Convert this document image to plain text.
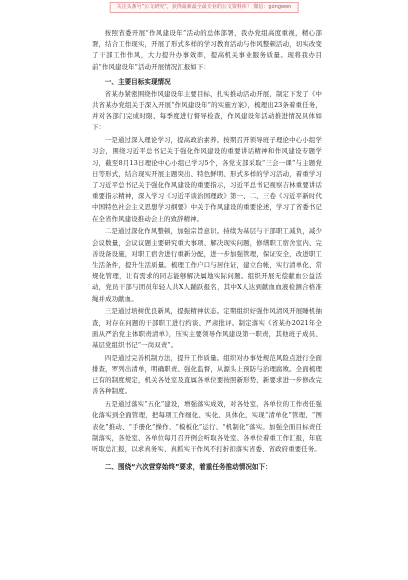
关注头条号“公文研究”，获得最新最全最专业的公文资料库！ 微信：gongwen

按照省委开展“作风建设年”活动的总体部署，我办党组高度重视，精心部署，结合工作现实，开展了形式多样的学习教育活动与作风整顿活动，切实改变了干部工作作风，大力提升办事效率，提高机关事业服务质量。现将我办目前“作风建设年”活动开展情况汇报如下：

一、主要目标实现情况

省某办紧密围绕作风建设年主要目标，扎实推动活动开展，制定下发了《中共省某办党组关于深入开展“作风建设年”的实施方案》，梳理出23条着重任务，并对各部门完成时限、每季度进行督导检查，作风建设年活动推进情况具体如下：

一是通过深入理论学习，提高政治素养。按期召开领导班子理论中心小组学习会，围绕习近平总书记关于强化作风建设的重要讲话精神和作风建设专题学习，截至8月13日理论中心小组已学习5个，各党支部采取“三会一课”与主题党日等形式，结合现实开展主题突出、特色鲜明、形式多样的学习活动，着重学习了习近平总书记关于强化作风建设的重要指示，习近平总书记视察吉林重要讲话重要指示精神，深入学习《习近平谈治国理政》第一、二、三卷《习近平新时代中国特色社会主义思想学习纲要》中关于作风建设的重要论述，学习了省委书记在全省作风建设推动会上的致辞精神。

二是通过深化作风整顿，加强宗旨意识。持续为基层与干部职工减负，减少会议数量，会议议题主要研究重大事项、解决现实问题，修缮职工宿舍室内、完善设备设施，对职工宿舍进行重新分配，进一步加强管理，保证安全，改进职工生活条件，提升生活质量。梳理工作户口与居住证，建立台帐，实行清单化、常规化管理，让有需求的同志能够解决属地实际问题。组织开展无偿献血公益活动，党员干部与团员年轻人共X人踊跃报名，其中X人达到献血血液检测合格准绳并成功献血。

三是通过培树优良新风，提振精神状态。定期组织好强作风清风开展睡机抽查，对存在问题的干部职工进行约谈、严肃批评。制定落实《省某办2021年全面从严治党主体职责清单》，压实主要领导作风建设第一职责，其他班子成员、基层党组织书记“一岗双责”。

四是通过完善机制方法，提升工作质量。组织对办事处规范风险点进行全面排查，罗列出清单，明确职责、强化监督，从源头上预防与治理腐败。全面梳理已有的制度规定，机关各处室及直属各单位要按照新形势、新要求进一步修改完善各种制度。

五是通过落实“五化”建设，增强落实成效，对各处室、各单位的工作责任强化落实到全面管理，把每项工作细化、实化、具体化，实现“清单化”管理、“图表化”推动、“手册化”操作、“模板化”运行、“机制化”落实。加强全面目标责任制落实，各处室、各单位每月召开例会听取各处室、各单位着重工作汇报，年底听取总汇报，以求真务实、真抓实干作风不打折扣落实省委、省政府重要任务。

二、围绕“六次营穿始终”要求，着重任务推动情况如下：
